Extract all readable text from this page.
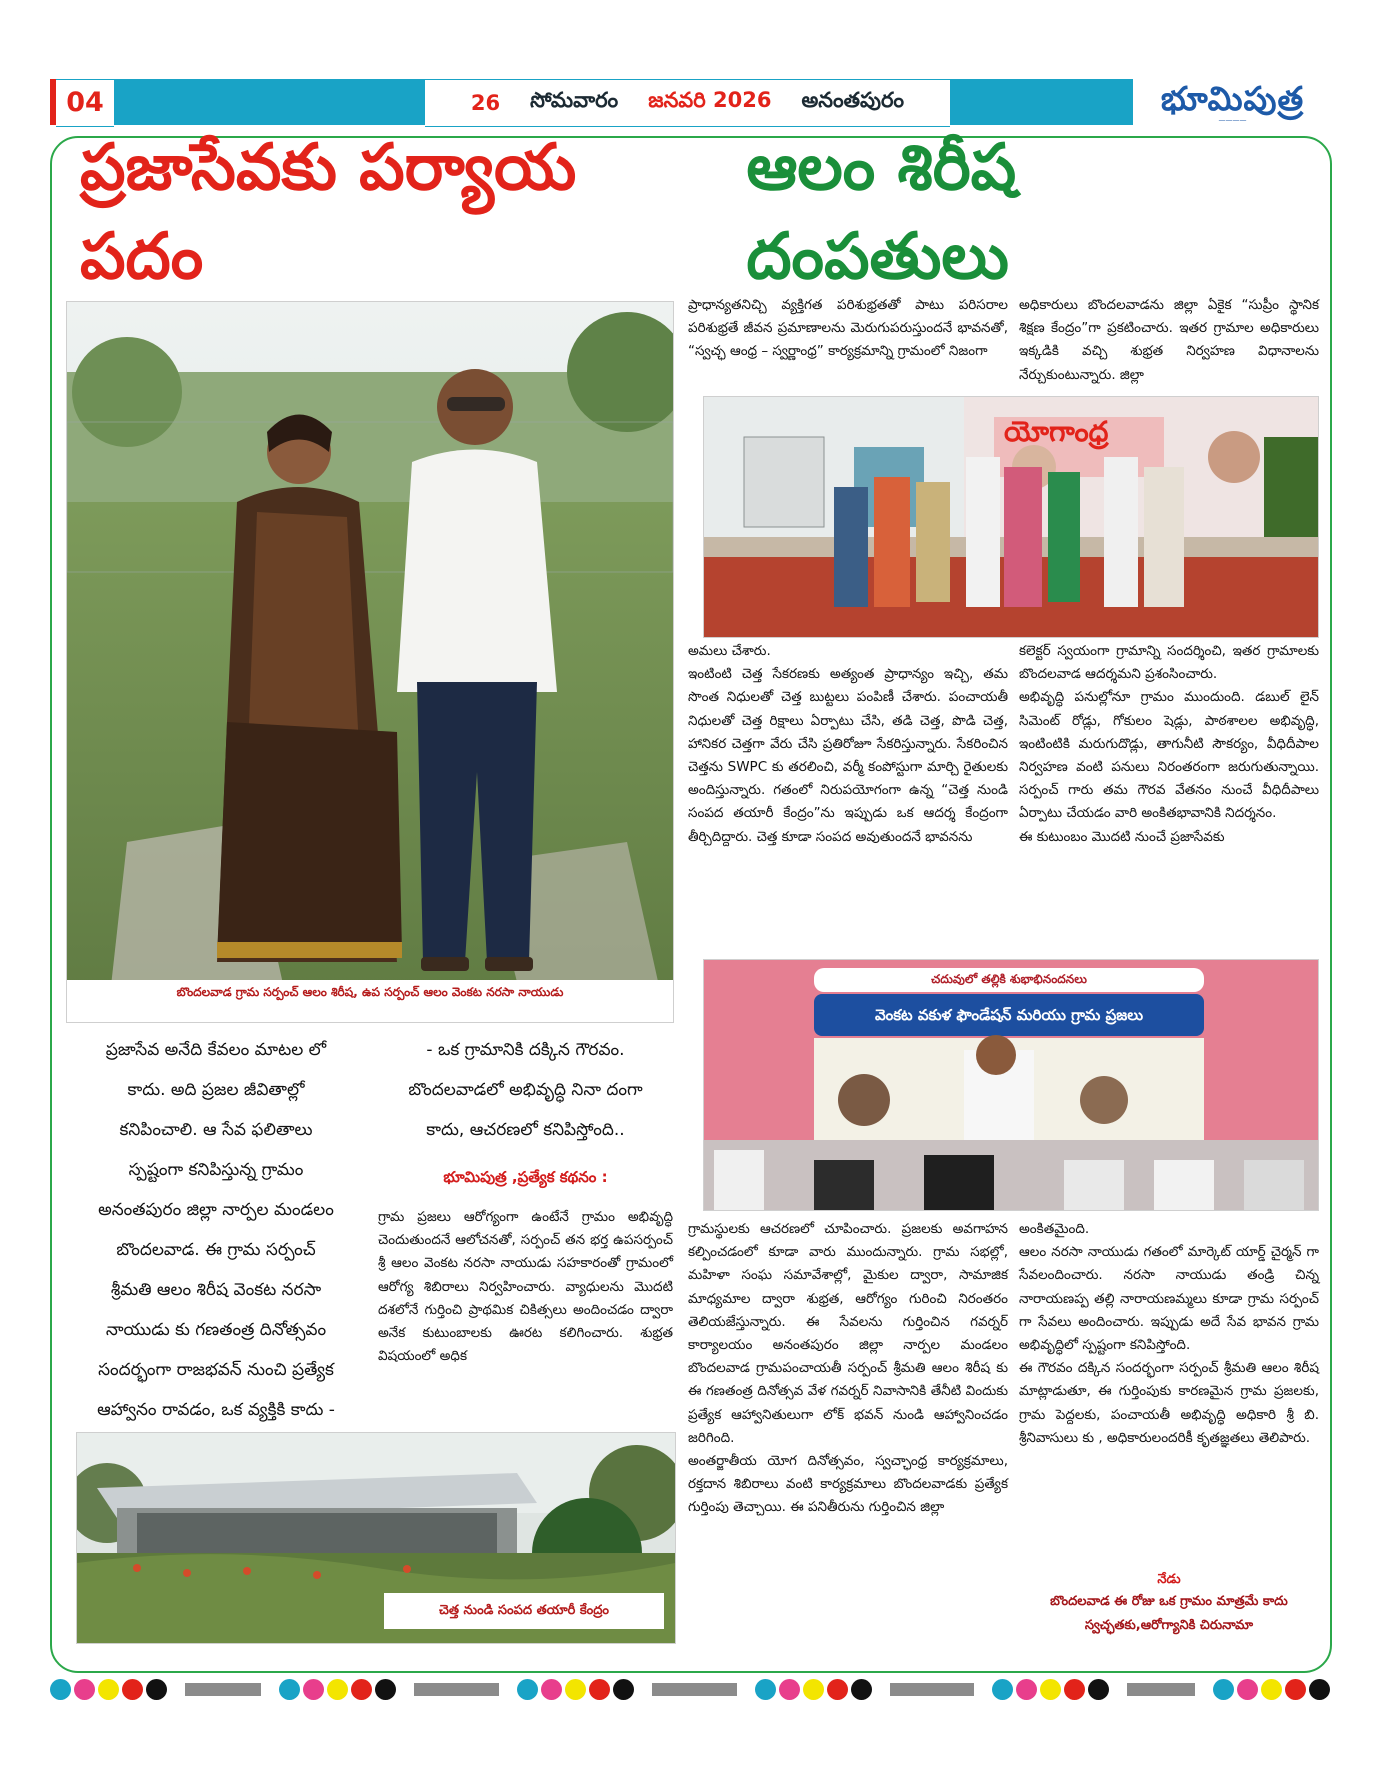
04	26 సోమవారం జనవరి 2026 అనంతపురం	భూమిపుత్ర
————
ప్రజాసేవకు పర్యాయ పదం
ఆలం శిరీష దంపతులు
బొందలవాడ గ్రామ సర్పంచ్ ఆలం శిరీష, ఉప సర్పంచ్ ఆలం వెంకట నరసా నాయుడు
ప్రజాసేవ అనేది కేవలం మాటల లో
కాదు. అది ప్రజల జీవితాల్లో
కనిపించాలి. ఆ సేవ ఫలితాలు
స్పష్టంగా కనిపిస్తున్న గ్రామం
అనంతపురం జిల్లా నార్పల మండలం
బొందలవాడ. ఈ గ్రామ సర్పంచ్
శ్రీమతి ఆలం శిరీష వెంకట నరసా
నాయుడు కు గణతంత్ర దినోత్సవం
సందర్భంగా రాజభవన్ నుంచి ప్రత్యేక
ఆహ్వానం రావడం, ఒక వ్యక్తికి కాదు -
- ఒక గ్రామానికి దక్కిన గౌరవం.
బొందలవాడలో అభివృద్ధి నినా దంగా
కాదు, ఆచరణలో కనిపిస్తోంది..
భూమిపుత్ర ,ప్రత్యేక కథనం :
గ్రామ ప్రజలు ఆరోగ్యంగా ఉంటేనే గ్రామం అభివృద్ధి చెందుతుందనే ఆలోచనతో, సర్పంచ్ తన భర్త ఉపసర్పంచ్ శ్రీ ఆలం వెంకట నరసా నాయుడు సహకారంతో గ్రామంలో ఆరోగ్య శిబిరాలు నిర్వహించారు. వ్యాధులను మొదటి దశలోనే గుర్తించి ప్రాథమిక చికిత్సలు అందించడం ద్వారా అనేక కుటుంబాలకు ఊరట కలిగించారు. శుభ్రత విషయంలో అధిక
చెత్త నుండి సంపద తయారీ కేంద్రం
ప్రాధాన్యతనిచ్చి వ్యక్తిగత పరిశుభ్రతతో పాటు పరిసరాల పరిశుభ్రతే జీవన ప్రమాణాలను మెరుగుపరుస్తుందనే భావనతో, “స్వచ్ఛ ఆంధ్ర – స్వర్ణాంధ్ర” కార్యక్రమాన్ని గ్రామంలో నిజంగా
అధికారులు బొందలవాడను జిల్లా ఏకైక “సుప్రీం స్థానిక శిక్షణ కేంద్రం”గా ప్రకటించారు. ఇతర గ్రామాల అధికారులు ఇక్కడికి వచ్చి శుభ్రత నిర్వహణ విధానాలను నేర్చుకుంటున్నారు. జిల్లా
యోగాంధ్ర

అమలు చేశారు.

ఇంటింటి చెత్త సేకరణకు అత్యంత ప్రాధాన్యం ఇచ్చి, తమ సొంత నిధులతో చెత్త బుట్టలు పంపిణీ చేశారు. పంచాయతీ నిధులతో చెత్త రిక్షాలు ఏర్పాటు చేసి, తడి చెత్త, పొడి చెత్త, హానికర చెత్తగా వేరు చేసి ప్రతిరోజూ సేకరిస్తున్నారు. సేకరించిన చెత్తను SWPC కు తరలించి, వర్మీ కంపోస్టుగా మార్చి రైతులకు అందిస్తున్నారు. గతంలో నిరుపయోగంగా ఉన్న “చెత్త నుండి సంపద తయారీ కేంద్రం”ను ఇప్పుడు ఒక ఆదర్శ కేంద్రంగా తీర్చిదిద్దారు. చెత్త కూడా సంపద అవుతుందనే భావనను

కలెక్టర్ స్వయంగా గ్రామాన్ని సందర్శించి, ఇతర గ్రామాలకు బొందలవాడ ఆదర్శమని ప్రశంసించారు.

అభివృద్ధి పనుల్లోనూ గ్రామం ముందుంది. డబుల్ లైన్ సిమెంట్ రోడ్లు, గోకులం షెడ్లు, పాఠశాలల అభివృద్ధి, ఇంటింటికి మరుగుదొడ్లు, తాగునీటి సౌకర్యం, వీధిదీపాల నిర్వహణ వంటి పనులు నిరంతరంగా జరుగుతున్నాయి. సర్పంచ్ గారు తమ గౌరవ వేతనం నుంచే వీధిదీపాలు ఏర్పాటు చేయడం వారి అంకితభావానికి నిదర్శనం.

ఈ కుటుంబం మొదటి నుంచే ప్రజాసేవకు

చదువులో తల్లికి శుభాభినందనలు
వెంకట వకుళ ఫౌండేషన్ మరియు గ్రామ ప్రజలు

గ్రామస్థులకు ఆచరణలో చూపించారు. ప్రజలకు అవగాహన కల్పించడంలో కూడా వారు ముందున్నారు. గ్రామ సభల్లో, మహిళా సంఘ సమావేశాల్లో, మైకుల ద్వారా, సామాజిక మాధ్యమాల ద్వారా శుభ్రత, ఆరోగ్యం గురించి నిరంతరం తెలియజేస్తున్నారు. ఈ సేవలను గుర్తించిన గవర్నర్ కార్యాలయం అనంతపురం జిల్లా నార్పల మండలం బొందలవాడ గ్రామపంచాయతీ సర్పంచ్ శ్రీమతి ఆలం శిరీష కు ఈ గణతంత్ర దినోత్సవ వేళ గవర్నర్ నివాసానికి తేనీటి విందుకు ప్రత్యేక ఆహ్వానితులుగా లోక్ భవన్ నుండి ఆహ్వానించడం జరిగింది.

అంతర్జాతీయ యోగ దినోత్సవం, స్వచ్ఛాంధ్ర కార్యక్రమాలు, రక్తదాన శిబిరాలు వంటి కార్యక్రమాలు బొందలవాడకు ప్రత్యేక గుర్తింపు తెచ్చాయి. ఈ పనితీరును గుర్తించిన జిల్లా

అంకితమైంది.

ఆలం నరసా నాయుడు గతంలో మార్కెట్ యార్డ్ చైర్మన్ గా సేవలందించారు. నరసా నాయుడు తండ్రి చిన్న నారాయణప్ప తల్లి నారాయణమ్మలు కూడా గ్రామ సర్పంచ్ గా సేవలు అందించారు. ఇప్పుడు అదే సేవ భావన గ్రామ అభివృద్ధిలో స్పష్టంగా కనిపిస్తోంది.

ఈ గౌరవం దక్కిన సందర్భంగా సర్పంచ్ శ్రీమతి ఆలం శిరీష మాట్లాడుతూ, ఈ గుర్తింపుకు కారణమైన గ్రామ ప్రజలకు, గ్రామ పెద్దలకు, పంచాయతీ అభివృద్ధి అధికారి శ్రీ బి. శ్రీనివాసులు కు , అధికారులందరికీ కృతజ్ఞతలు తెలిపారు.

నేడు
బొందలవాడ ఈ రోజు ఒక గ్రామం మాత్రమే కాదు
స్వచ్ఛతకు,ఆరోగ్యానికి చిరునామా
